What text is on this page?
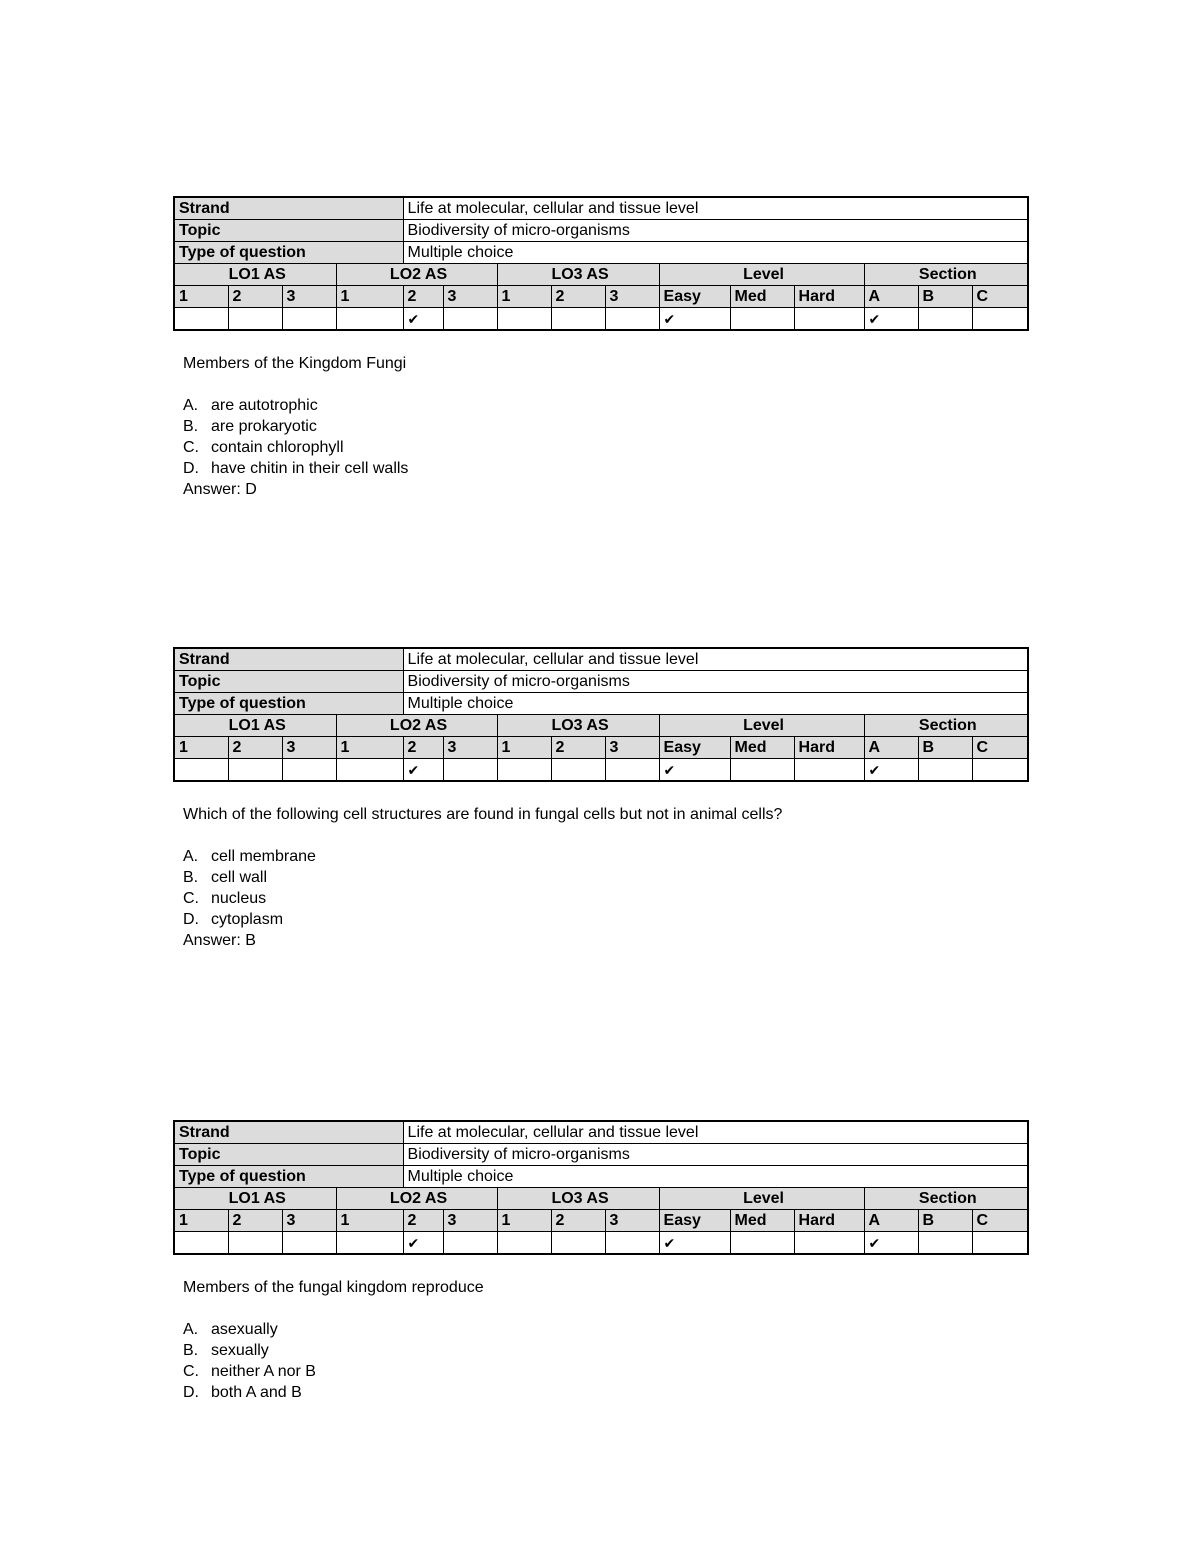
Strand				Life at molecular, cellular and tissue level										
Topic				Biodiversity of micro-organisms										
Type of question				Multiple choice										
LO1 AS			LO2 AS			LO3 AS			Level			Section		
1	2	3	1	2	3	1	2	3	Easy	Med	Hard	A	B	C
				✔					✔			✔		

Members of the Kingdom Fungi

A. are autotrophic

B. are prokaryotic

C. contain chlorophyll

D. have chitin in their cell walls

Answer: D

Strand				Life at molecular, cellular and tissue level										
Topic				Biodiversity of micro-organisms										
Type of question				Multiple choice										
LO1 AS			LO2 AS			LO3 AS			Level			Section		
1	2	3	1	2	3	1	2	3	Easy	Med	Hard	A	B	C
				✔					✔			✔		

Which of the following cell structures are found in fungal cells but not in animal cells?

A. cell membrane

B. cell wall

C. nucleus

D. cytoplasm

Answer: B

Strand				Life at molecular, cellular and tissue level										
Topic				Biodiversity of micro-organisms										
Type of question				Multiple choice										
LO1 AS			LO2 AS			LO3 AS			Level			Section		
1	2	3	1	2	3	1	2	3	Easy	Med	Hard	A	B	C
				✔					✔			✔		

Members of the fungal kingdom reproduce

A. asexually

B. sexually

C. neither A nor B

D. both A and B
